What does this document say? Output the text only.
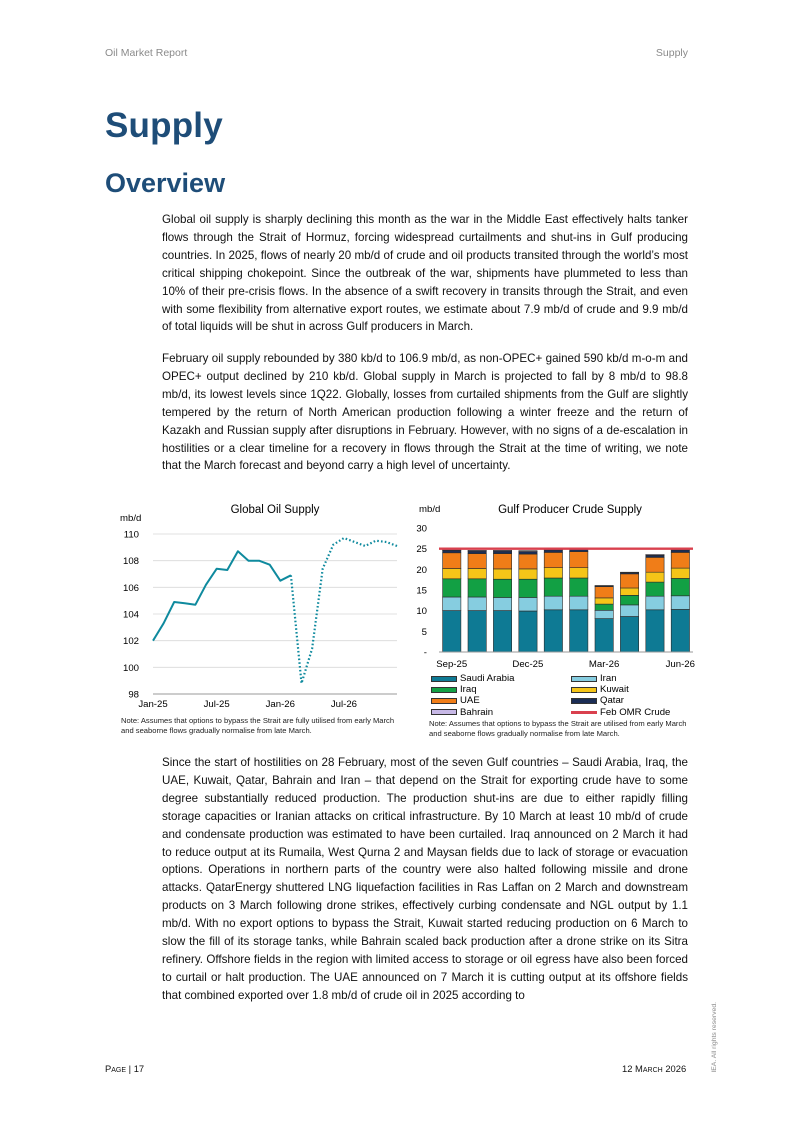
Oil Market Report	Supply
Supply
Overview

Global oil supply is sharply declining this month as the war in the Middle East effectively halts tanker flows through the Strait of Hormuz, forcing widespread curtailments and shut-ins in Gulf producing countries. In 2025, flows of nearly 20 mb/d of crude and oil products transited through the world’s most critical shipping chokepoint. Since the outbreak of the war, shipments have plummeted to less than 10% of their pre-crisis flows. In the absence of a swift recovery in transits through the Strait, and even with some flexibility from alternative export routes, we estimate about 7.9 mb/d of crude and 9.9 mb/d of total liquids will be shut in across Gulf producers in March.

February oil supply rebounded by 380 kb/d to 106.9 mb/d, as non-OPEC+ gained 590 kb/d m-o-m and OPEC+ output declined by 210 kb/d. Global supply in March is projected to fall by 8 mb/d to 98.8 mb/d, its lowest levels since 1Q22. Globally, losses from curtailed shipments from the Gulf are slightly tempered by the return of North American production following a winter freeze and the return of Kazakh and Russian supply after disruptions in February. However, with no signs of a de-escalation in hostilities or a clear timeline for a recovery in flows through the Strait at the time of writing, we note that the March forecast and beyond carry a high level of uncertainty.

Global Oil Supply
mb/d
98
100
102
104
106
108
110
Jan-25	Jul-25	Jan-26	Jul-26
Note: Assumes that options to bypass the Strait are fully utilised from early March and seaborne flows gradually normalise from late March.
Gulf Producer Crude Supply
mb/d
-
5
10
15
20
25
30
Sep-25	Dec-25	Mar-26	Jun-26
Saudi Arabia	Iran
Iraq	Kuwait
UAE	Qatar
Bahrain	Feb OMR Crude
Note: Assumes that options to bypass the Strait are utilised from early March and seaborne flows gradually normalise from late March.

Since the start of hostilities on 28 February, most of the seven Gulf countries – Saudi Arabia, Iraq, the UAE, Kuwait, Qatar, Bahrain and Iran – that depend on the Strait for exporting crude have to some degree substantially reduced production. The production shut-ins are due to either rapidly filling storage capacities or Iranian attacks on critical infrastructure. By 10 March at least 10 mb/d of crude and condensate production was estimated to have been curtailed. Iraq announced on 2 March it had to reduce output at its Rumaila, West Qurna 2 and Maysan fields due to lack of storage or evacuation options. Operations in northern parts of the country were also halted following missile and drone attacks. QatarEnergy shuttered LNG liquefaction facilities in Ras Laffan on 2 March and downstream products on 3 March following drone strikes, effectively curbing condensate and NGL output by 1.1 mb/d. With no export options to bypass the Strait, Kuwait started reducing production on 6 March to slow the fill of its storage tanks, while Bahrain scaled back production after a drone strike on its Sitra refinery. Offshore fields in the region with limited access to storage or oil egress have also been forced to curtail or halt production. The UAE announced on 7 March it is cutting output at its offshore fields that combined exported over 1.8 mb/d of crude oil in 2025 according to

Page | 17	12 March 2026	IEA. All rights reserved.
